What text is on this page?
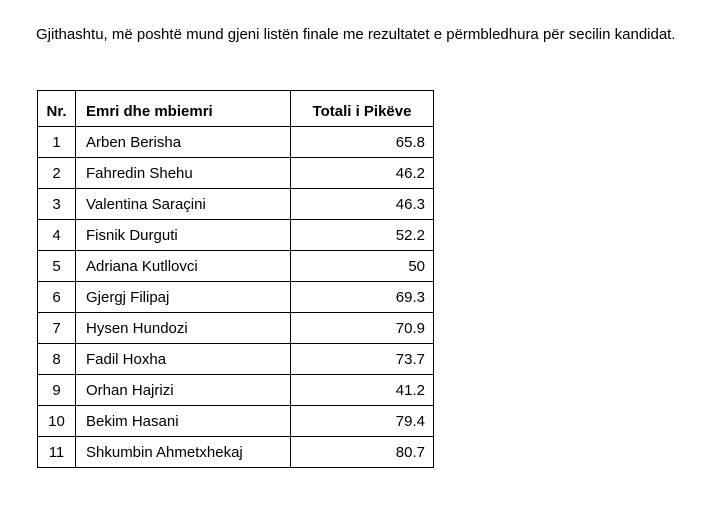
Gjithashtu, më poshtë mund gjeni listën finale me rezultatet e përmbledhura për secilin kandidat.

Nr.	Emri dhe mbiemri	Totali i Pikëve
1	Arben Berisha	65.8
2	Fahredin Shehu	46.2
3	Valentina Saraçini	46.3
4	Fisnik Durguti	52.2
5	Adriana Kutllovci	50
6	Gjergj Filipaj	69.3
7	Hysen Hundozi	70.9
8	Fadil Hoxha	73.7
9	Orhan Hajrizi	41.2
10	Bekim Hasani	79.4
11	Shkumbin Ahmetxhekaj	80.7
